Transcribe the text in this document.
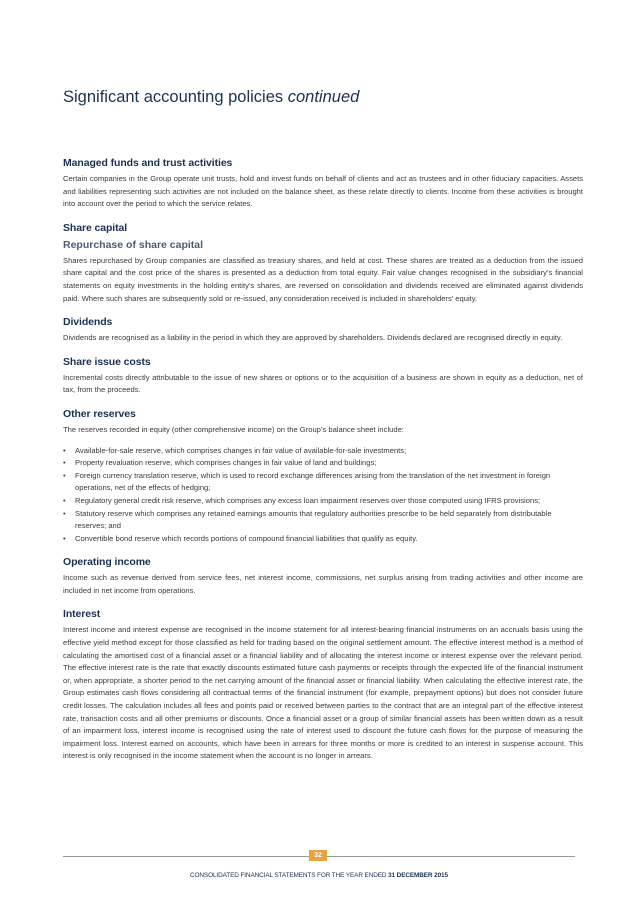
Significant accounting policies continued
Managed funds and trust activities

Certain companies in the Group operate unit trusts, hold and invest funds on behalf of clients and act as trustees and in other fiduciary capacities. Assets and liabilities representing such activities are not included on the balance sheet, as these relate directly to clients. Income from these activities is brought into account over the period to which the service relates.

Share capital
Repurchase of share capital

Shares repurchased by Group companies are classified as treasury shares, and held at cost. These shares are treated as a deduction from the issued share capital and the cost price of the shares is presented as a deduction from total equity. Fair value changes recognised in the subsidiary’s financial statements on equity investments in the holding entity’s shares, are reversed on consolidation and dividends received are eliminated against dividends paid. Where such shares are subsequently sold or re-issued, any consideration received is included in shareholders’ equity.

Dividends

Dividends are recognised as a liability in the period in which they are approved by shareholders. Dividends declared are recognised directly in equity.

Share issue costs

Incremental costs directly attributable to the issue of new shares or options or to the acquisition of a business are shown in equity as a deduction, net of tax, from the proceeds.

Other reserves

The reserves recorded in equity (other comprehensive income) on the Group’s balance sheet include:

• Available-for-sale reserve, which comprises changes in fair value of available-for-sale investments;
• Property revaluation reserve, which comprises changes in fair value of land and buildings;
• Foreign currency translation reserve, which is used to record exchange differences arising from the translation of the net investment in foreign operations, net of the effects of hedging;
• Regulatory general credit risk reserve, which comprises any excess loan impairment reserves over those computed using IFRS provisions;
• Statutory reserve which comprises any retained earnings amounts that regulatory authorities prescribe to be held separately from distributable reserves; and
• Convertible bond reserve which records portions of compound financial liabilities that qualify as equity.
Operating income

Income such as revenue derived from service fees, net interest income, commissions, net surplus arising from trading activities and other income are included in net income from operations.

Interest

Interest income and interest expense are recognised in the income statement for all interest-bearing financial instruments on an accruals basis using the effective yield method except for those classified as held for trading based on the original settlement amount. The effective interest method is a method of calculating the amortised cost of a financial asset or a financial liability and of allocating the interest income or interest expense over the relevant period. The effective interest rate is the rate that exactly discounts estimated future cash payments or receipts through the expected life of the financial instrument or, when appropriate, a shorter period to the net carrying amount of the financial asset or financial liability. When calculating the effective interest rate, the Group estimates cash flows considering all contractual terms of the financial instrument (for example, prepayment options) but does not consider future credit losses. The calculation includes all fees and points paid or received between parties to the contract that are an integral part of the effective interest rate, transaction costs and all other premiums or discounts. Once a financial asset or a group of similar financial assets has been written down as a result of an impairment loss, interest income is recognised using the rate of interest used to discount the future cash flows for the purpose of measuring the impairment loss. Interest earned on accounts, which have been in arrears for three months or more is credited to an interest in suspense account. This interest is only recognised in the income statement when the account is no longer in arrears.

32
CONSOLIDATED FINANCIAL STATEMENTS FOR THE YEAR ENDED 31 DECEMBER 2015
